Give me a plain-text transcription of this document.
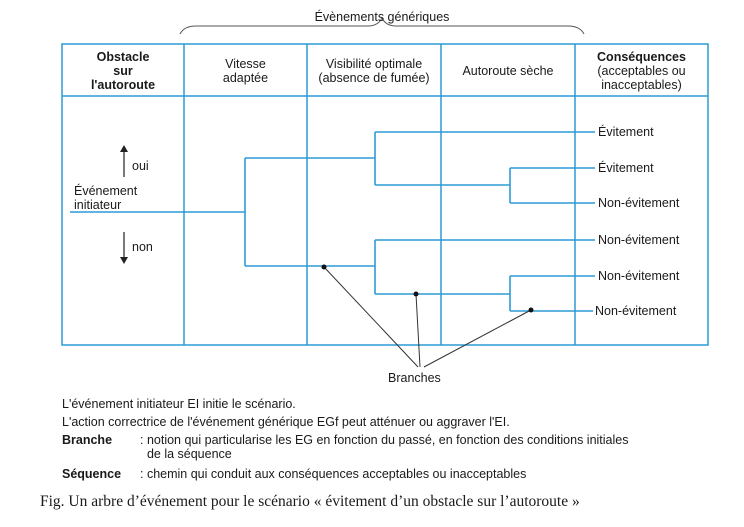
Évènements génériques
Obstacle
sur
l'autoroute
Vitesse
adaptée
Visibilité optimale
(absence de fumée)	Autoroute sèche
Conséquences
(acceptables ou
inacceptables)
Événement
initiateur
oui
non
Évitement
Évitement
Non-évitement
Non-évitement
Non-évitement
Non-évitement
Branches
L'événement initiateur EI initie le scénario.
L'action correctrice de l'événement générique EGf peut atténuer ou aggraver l'EI.
Branche : notion qui particularise les EG en fonction du passé, en fonction des conditions initiales
de la séquence
Séquence : chemin qui conduit aux conséquences acceptables ou inacceptables
Fig. Un arbre d’événement pour le scénario « évitement d’un obstacle sur l’autoroute »
